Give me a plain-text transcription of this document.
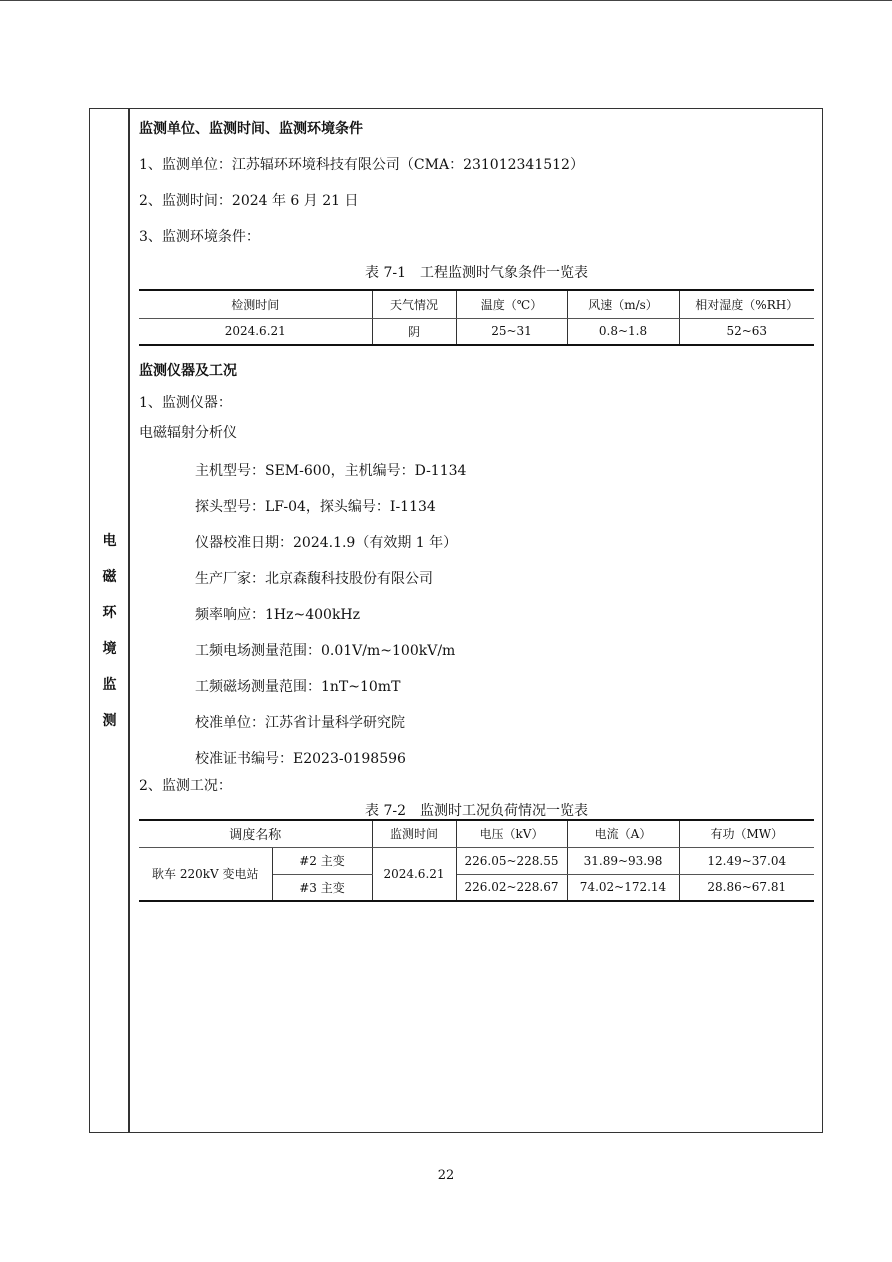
电
磁
环
境
监
测
监测单位、监测时间、监测环境条件
1、监测单位：江苏辐环环境科技有限公司（CMA：231012341512）
2、监测时间：2024 年 6 月 21 日
3、监测环境条件：
表 7-1　工程监测时气象条件一览表
检测时间	天气情况	温度（℃）	风速（m/s）	相对湿度（%RH）
2024.6.21	阴	25~31	0.8~1.8	52~63
监测仪器及工况
1、监测仪器：
电磁辐射分析仪
主机型号：SEM-600，主机编号：D-1134
探头型号：LF-04，探头编号：I-1134
仪器校准日期：2024.1.9（有效期 1 年）
生产厂家：北京森馥科技股份有限公司
频率响应：1Hz~400kHz
工频电场测量范围：0.01V/m~100kV/m
工频磁场测量范围：1nT~10mT
校准单位：江苏省计量科学研究院
校准证书编号：E2023-0198596
2、监测工况：
表 7-2　监测时工况负荷情况一览表
调度名称		监测时间	电压（kV）	电流（A）	有功（MW）
耿车 220kV 变电站	#2 主变	2024.6.21	226.05~228.55	31.89~93.98	12.49~37.04
	#3 主变		226.02~228.67	74.02~172.14	28.86~67.81
22
